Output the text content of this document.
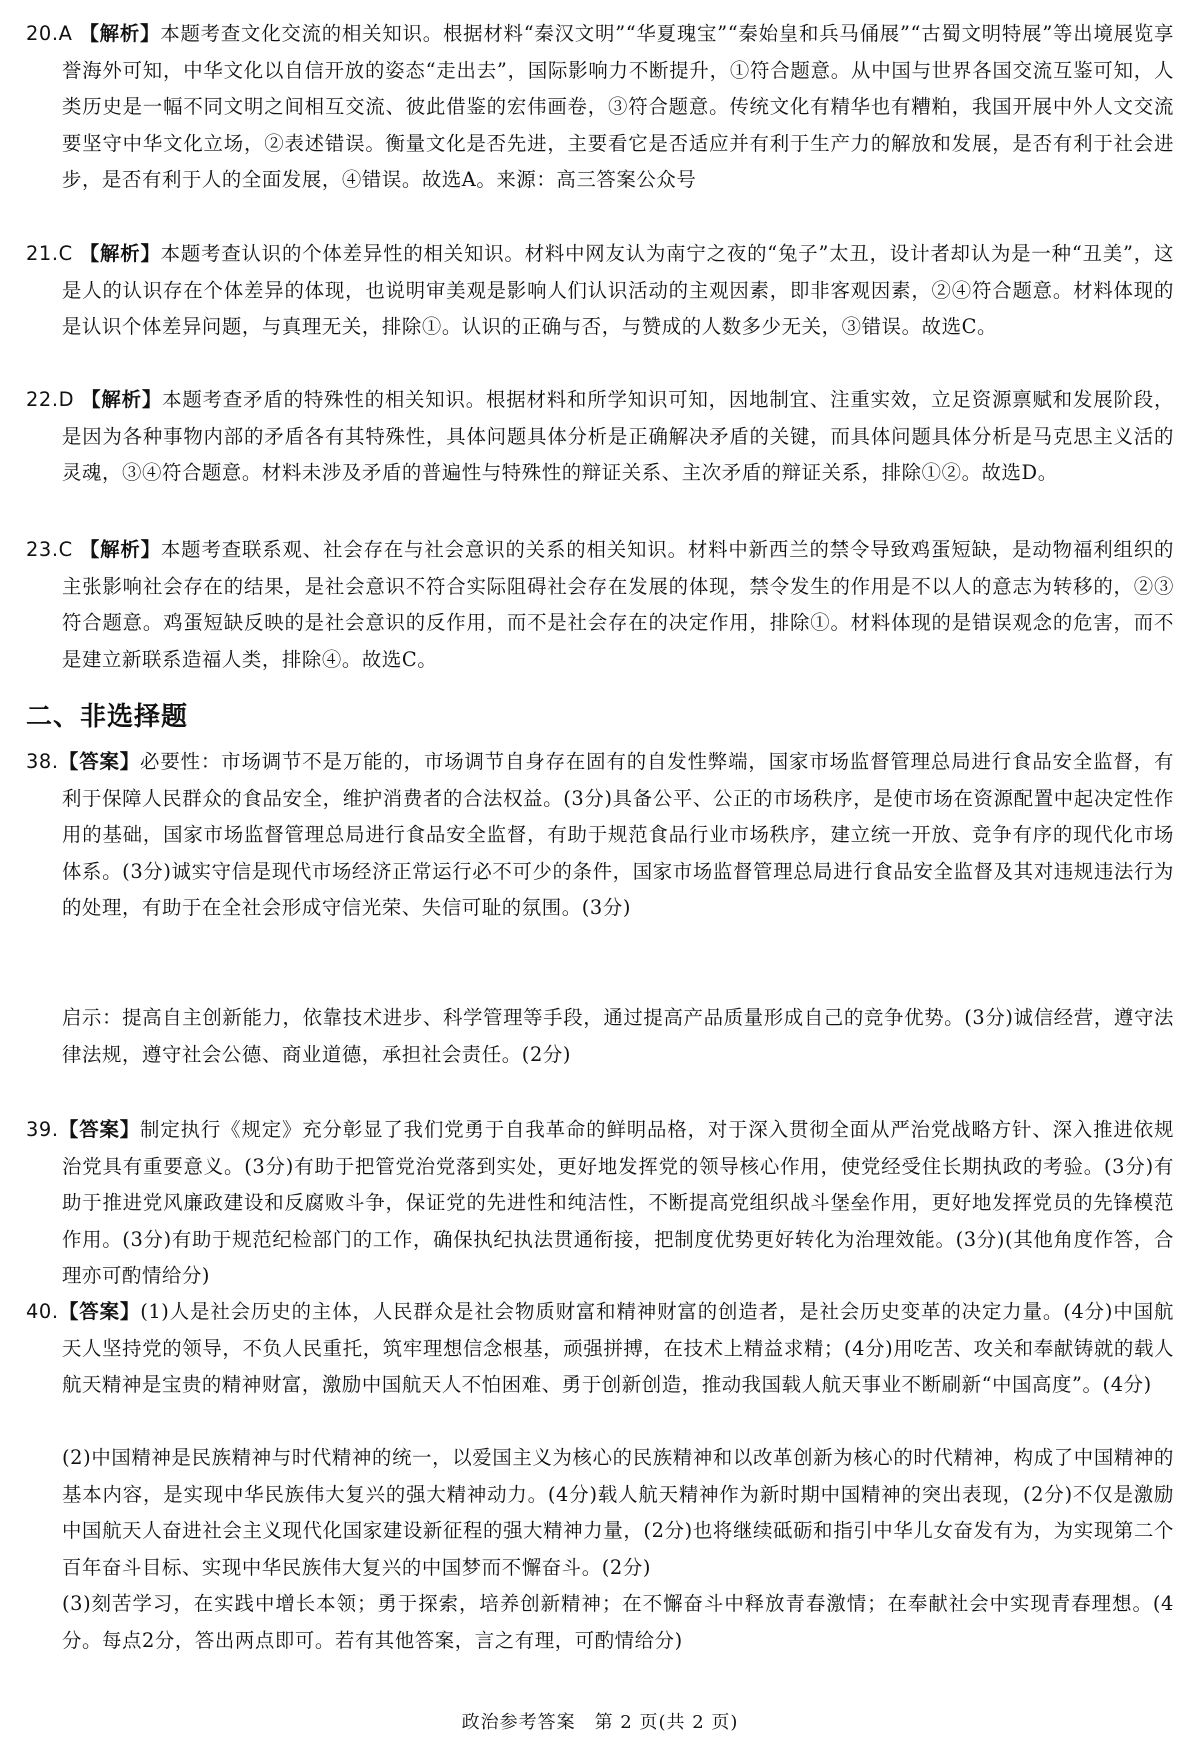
20.A 【解析】本题考查文化交流的相关知识。根据材料“秦汉文明”“华夏瑰宝”“秦始皇和兵马俑展”“古蜀文明特展”等出境展览享誉海外可知，中华文化以自信开放的姿态“走出去”，国际影响力不断提升，①符合题意。从中国与世界各国交流互鉴可知，人类历史是一幅不同文明之间相互交流、彼此借鉴的宏伟画卷，③符合题意。传统文化有精华也有糟粕，我国开展中外人文交流要坚守中华文化立场，②表述错误。衡量文化是否先进，主要看它是否适应并有利于生产力的解放和发展，是否有利于社会进步，是否有利于人的全面发展，④错误。故选A。来源：高三答案公众号
21.C 【解析】本题考查认识的个体差异性的相关知识。材料中网友认为南宁之夜的“兔子”太丑，设计者却认为是一种“丑美”，这是人的认识存在个体差异的体现，也说明审美观是影响人们认识活动的主观因素，即非客观因素，②④符合题意。材料体现的是认识个体差异问题，与真理无关，排除①。认识的正确与否，与赞成的人数多少无关，③错误。故选C。
22.D 【解析】本题考查矛盾的特殊性的相关知识。根据材料和所学知识可知，因地制宜、注重实效，立足资源禀赋和发展阶段，是因为各种事物内部的矛盾各有其特殊性，具体问题具体分析是正确解决矛盾的关键，而具体问题具体分析是马克思主义活的灵魂，③④符合题意。材料未涉及矛盾的普遍性与特殊性的辩证关系、主次矛盾的辩证关系，排除①②。故选D。
23.C 【解析】本题考查联系观、社会存在与社会意识的关系的相关知识。材料中新西兰的禁令导致鸡蛋短缺，是动物福利组织的主张影响社会存在的结果，是社会意识不符合实际阻碍社会存在发展的体现，禁令发生的作用是不以人的意志为转移的，②③符合题意。鸡蛋短缺反映的是社会意识的反作用，而不是社会存在的决定作用，排除①。材料体现的是错误观念的危害，而不是建立新联系造福人类，排除④。故选C。
二、非选择题
38.【答案】必要性：市场调节不是万能的，市场调节自身存在固有的自发性弊端，国家市场监督管理总局进行食品安全监督，有利于保障人民群众的食品安全，维护消费者的合法权益。(3分)具备公平、公正的市场秩序，是使市场在资源配置中起决定性作用的基础，国家市场监督管理总局进行食品安全监督，有助于规范食品行业市场秩序，建立统一开放、竞争有序的现代化市场体系。(3分)诚实守信是现代市场经济正常运行必不可少的条件，国家市场监督管理总局进行食品安全监督及其对违规违法行为的处理，有助于在全社会形成守信光荣、失信可耻的氛围。(3分)
启示：提高自主创新能力，依靠技术进步、科学管理等手段，通过提高产品质量形成自己的竞争优势。(3分)诚信经营，遵守法律法规，遵守社会公德、商业道德，承担社会责任。(2分)
39.【答案】制定执行《规定》充分彰显了我们党勇于自我革命的鲜明品格，对于深入贯彻全面从严治党战略方针、深入推进依规治党具有重要意义。(3分)有助于把管党治党落到实处，更好地发挥党的领导核心作用，使党经受住长期执政的考验。(3分)有助于推进党风廉政建设和反腐败斗争，保证党的先进性和纯洁性，不断提高党组织战斗堡垒作用，更好地发挥党员的先锋模范作用。(3分)有助于规范纪检部门的工作，确保执纪执法贯通衔接，把制度优势更好转化为治理效能。(3分)(其他角度作答，合理亦可酌情给分)
40.【答案】(1)人是社会历史的主体，人民群众是社会物质财富和精神财富的创造者，是社会历史变革的决定力量。(4分)中国航天人坚持党的领导，不负人民重托，筑牢理想信念根基，顽强拼搏，在技术上精益求精；(4分)用吃苦、攻关和奉献铸就的载人航天精神是宝贵的精神财富，激励中国航天人不怕困难、勇于创新创造，推动我国载人航天事业不断刷新“中国高度”。(4分)
(2)中国精神是民族精神与时代精神的统一，以爱国主义为核心的民族精神和以改革创新为核心的时代精神，构成了中国精神的基本内容，是实现中华民族伟大复兴的强大精神动力。(4分)载人航天精神作为新时期中国精神的突出表现，(2分)不仅是激励中国航天人奋进社会主义现代化国家建设新征程的强大精神力量，(2分)也将继续砥砺和指引中华儿女奋发有为，为实现第二个百年奋斗目标、实现中华民族伟大复兴的中国梦而不懈奋斗。(2分)
(3)刻苦学习，在实践中增长本领；勇于探索，培养创新精神；在不懈奋斗中释放青春激情；在奉献社会中实现青春理想。(4分。每点2分，答出两点即可。若有其他答案，言之有理，可酌情给分)
政治参考答案　第 2 页(共 2 页)
